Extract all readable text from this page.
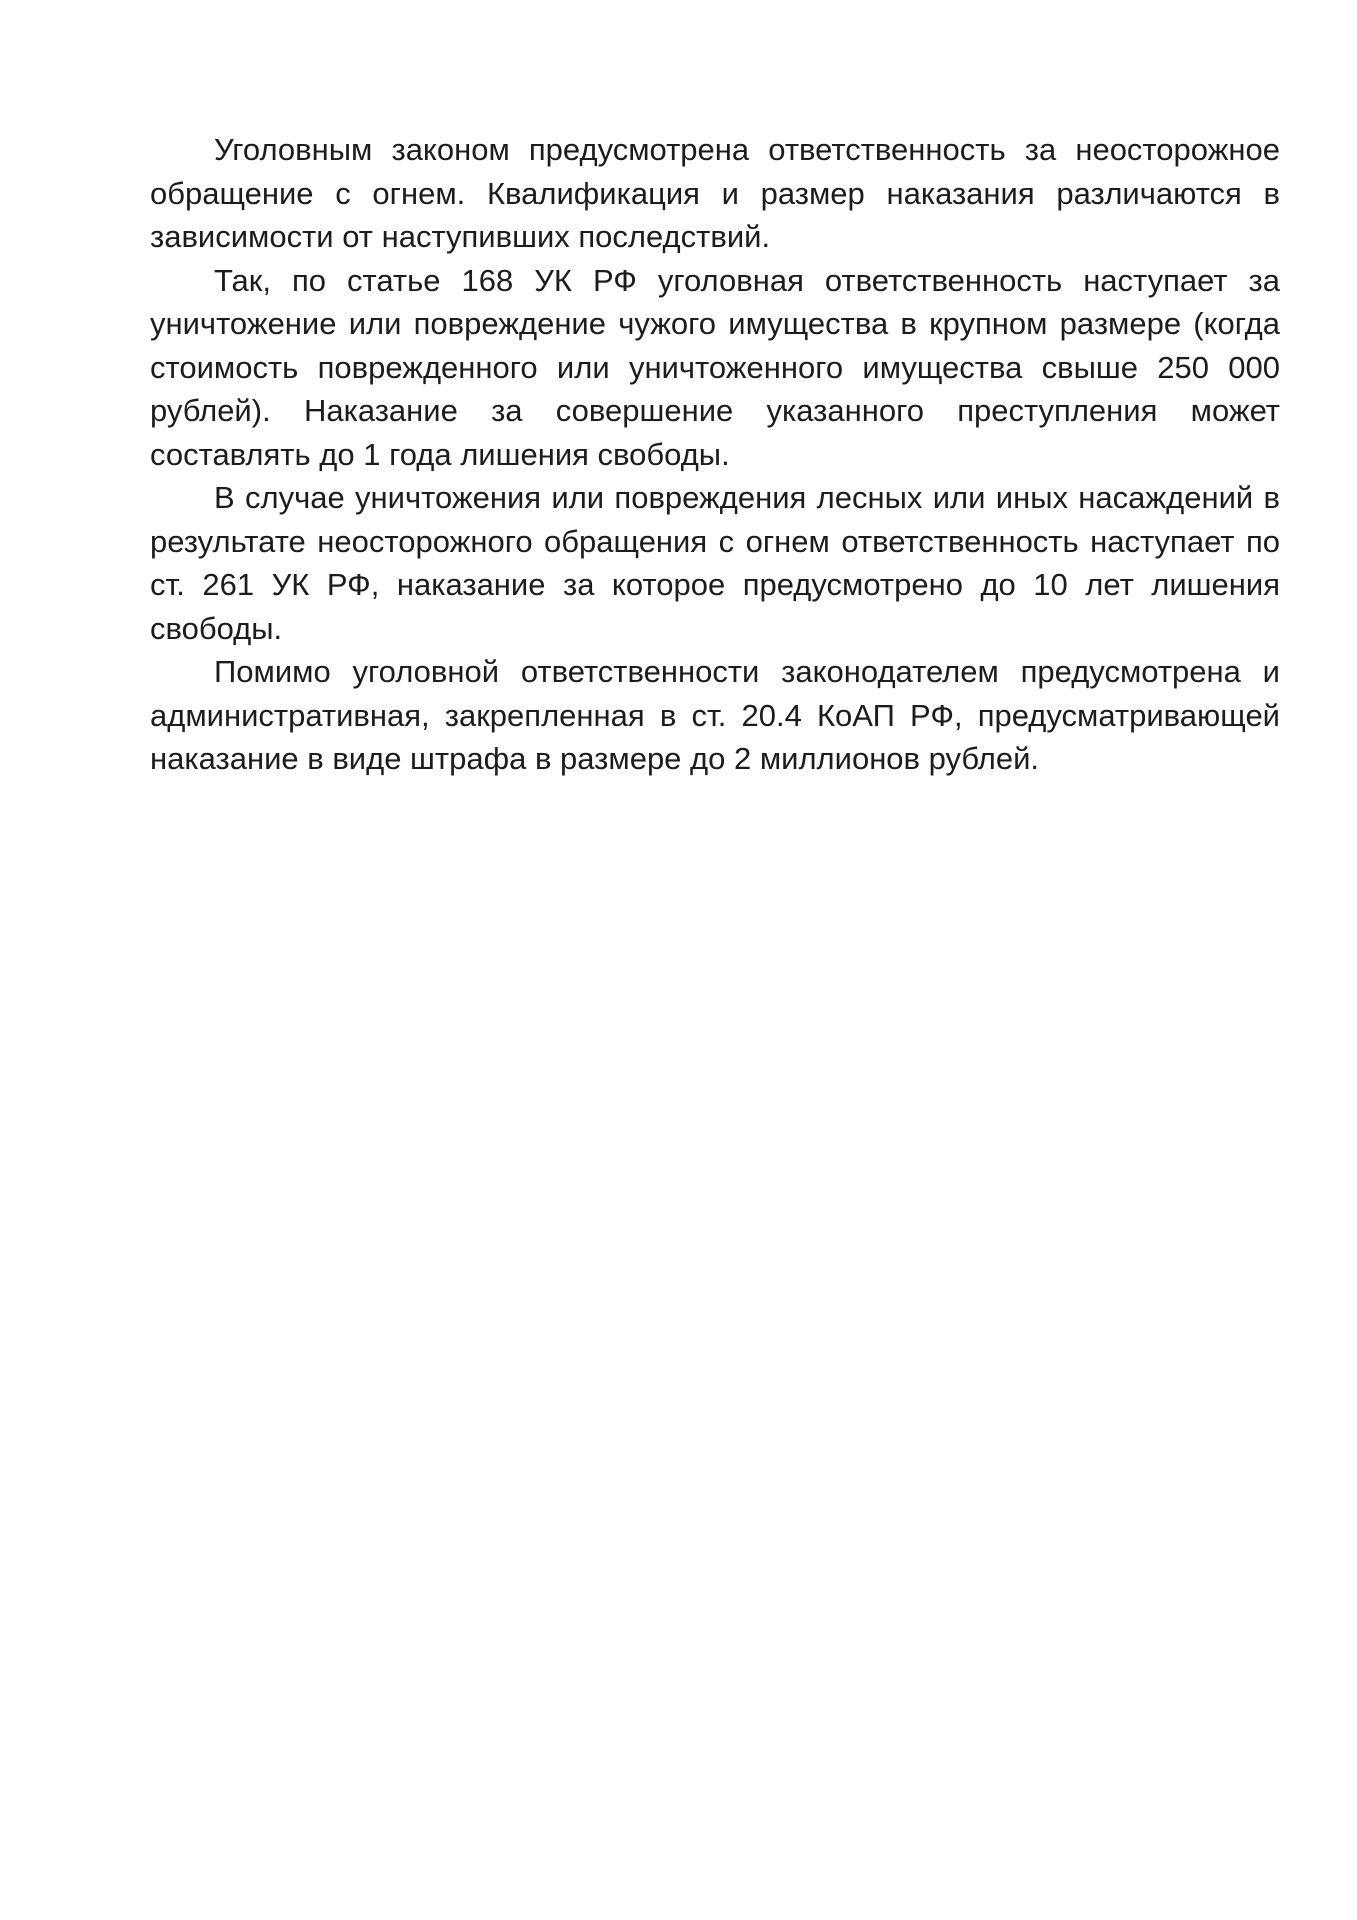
Уголовным законом предусмотрена ответственность за неосторожное обращение с огнем. Квалификация и размер наказания различаются в зависимости от наступивших последствий.

Так, по статье 168 УК РФ уголовная ответственность наступает за уничтожение или повреждение чужого имущества в крупном размере (когда стоимость поврежденного или уничтоженного имущества свыше 250 000 рублей). Наказание за совершение указанного преступления может составлять до 1 года лишения свободы.

В случае уничтожения или повреждения лесных или иных насаждений в результате неосторожного обращения с огнем ответственность наступает по ст. 261 УК РФ, наказание за которое предусмотрено до 10 лет лишения свободы.

Помимо уголовной ответственности законодателем предусмотрена и административная, закрепленная в ст. 20.4 КоАП РФ, предусматривающей наказание в виде штрафа в размере до 2 миллионов рублей.
